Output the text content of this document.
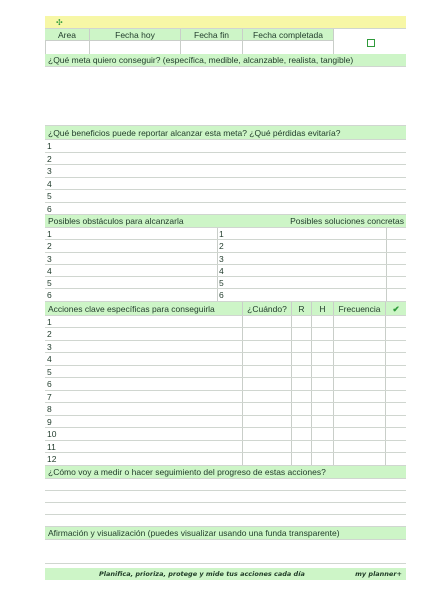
✣
Area	Fecha hoy	Fecha fin	Fecha completada
¿Qué meta quiero conseguir? (específica, medible, alcanzable, realista, tangible)
¿Qué beneficios puede reportar alcanzar esta meta? ¿Qué pérdidas evitaría?
1
2
3
4
5
6
Posibles obstáculos para alcanzarla	Posibles soluciones concretas
1	1
2	2
3	3
4	4
5	5
6	6
Acciones clave específicas para conseguirla	¿Cuándo?	R	H	Frecuencia	✔
1
2
3
4
5
6
7
8
9
10
11
12
¿Cómo voy a medir o hacer seguimiento del progreso de estas acciones?
Afirmación y visualización (puedes visualizar usando una funda transparente)
Planifica, prioriza, protege y mide tus acciones cada día	my planner+
